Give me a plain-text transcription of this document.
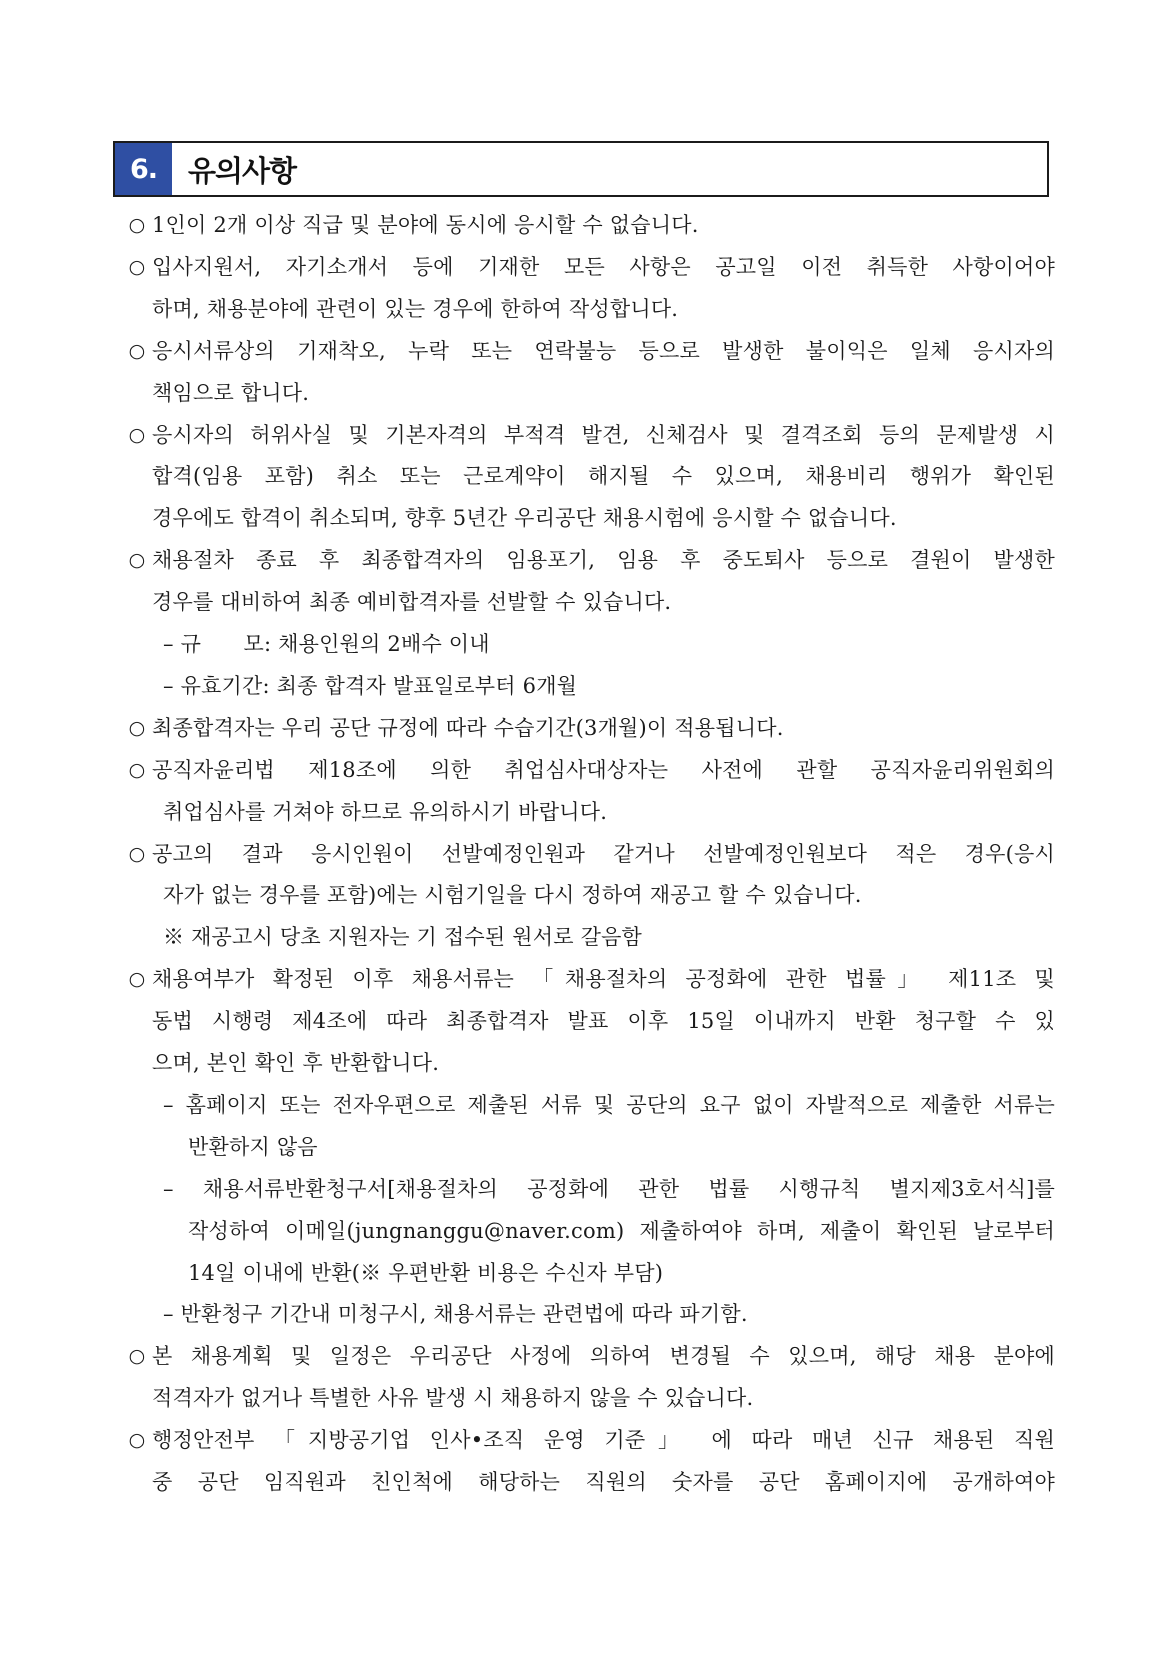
6.	유의사항
○ 1인이 2개 이상 직급 및 분야에 동시에 응시할 수 없습니다.
○ 입사지원서, 자기소개서 등에 기재한 모든 사항은 공고일 이전 취득한 사항이어야
하며, 채용분야에 관련이 있는 경우에 한하여 작성합니다.
○ 응시서류상의 기재착오, 누락 또는 연락불능 등으로 발생한 불이익은 일체 응시자의
책임으로 합니다.
○ 응시자의 허위사실 및 기본자격의 부적격 발견, 신체검사 및 결격조회 등의 문제발생 시
합격(임용 포함) 취소 또는 근로계약이 해지될 수 있으며, 채용비리 행위가 확인된
경우에도 합격이 취소되며, 향후 5년간 우리공단 채용시험에 응시할 수 없습니다.
○ 채용절차 종료 후 최종합격자의 임용포기, 임용 후 중도퇴사 등으로 결원이 발생한
경우를 대비하여 최종 예비합격자를 선발할 수 있습니다.
– 규　　모: 채용인원의 2배수 이내
– 유효기간: 최종 합격자 발표일로부터 6개월
○ 최종합격자는 우리 공단 규정에 따라 수습기간(3개월)이 적용됩니다.
○ 공직자윤리법 제18조에 의한 취업심사대상자는 사전에 관할 공직자윤리위원회의
취업심사를 거쳐야 하므로 유의하시기 바랍니다.
○ 공고의 결과 응시인원이 선발예정인원과 같거나 선발예정인원보다 적은 경우(응시
자가 없는 경우를 포함)에는 시험기일을 다시 정하여 재공고 할 수 있습니다.
※ 재공고시 당초 지원자는 기 접수된 원서로 갈음함
○ 채용여부가 확정된 이후 채용서류는 「채용절차의 공정화에 관한 법률」 제11조 및
동법 시행령 제4조에 따라 최종합격자 발표 이후 15일 이내까지 반환 청구할 수 있
으며, 본인 확인 후 반환합니다.
– 홈페이지 또는 전자우편으로 제출된 서류 및 공단의 요구 없이 자발적으로 제출한 서류는
반환하지 않음
– 채용서류반환청구서[채용절차의 공정화에 관한 법률 시행규칙 별지제3호서식]를
작성하여 이메일(jungnanggu@naver.com) 제출하여야 하며, 제출이 확인된 날로부터
14일 이내에 반환(※ 우편반환 비용은 수신자 부담)
– 반환청구 기간내 미청구시, 채용서류는 관련법에 따라 파기함.
○ 본 채용계획 및 일정은 우리공단 사정에 의하여 변경될 수 있으며, 해당 채용 분야에
적격자가 없거나 특별한 사유 발생 시 채용하지 않을 수 있습니다.
○ 행정안전부 「지방공기업 인사•조직 운영 기준」 에 따라 매년 신규 채용된 직원
중 공단 임직원과 친인척에 해당하는 직원의 숫자를 공단 홈페이지에 공개하여야
